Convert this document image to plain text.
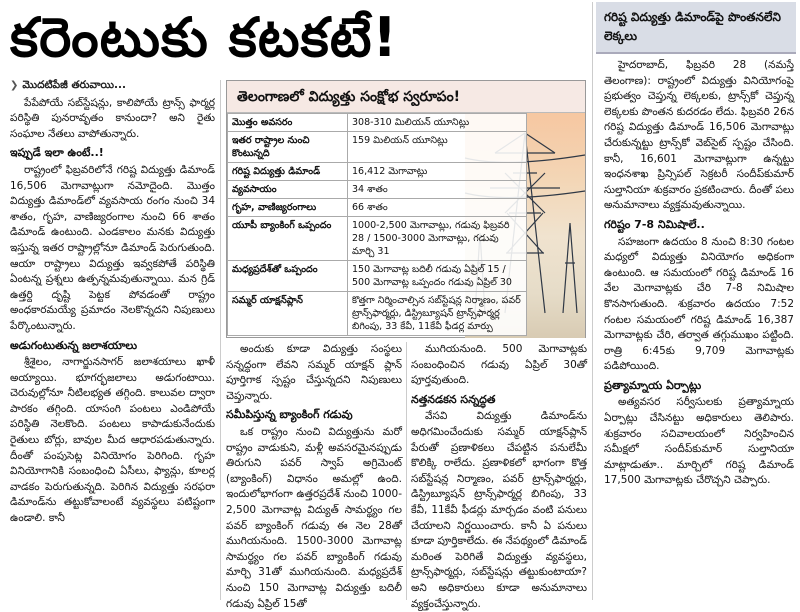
కరెంటుకు కటకటే!
❯ మొదటిపేజీ తరువాయి...

పేపేపోయే సబ్‌స్టేషన్లు, కాలిపోయే ట్రాన్స్ ఫార్మర్ల పరిస్థితి పునరావృతం కానుందా? అని రైతు సంఘాల నేతలు వాపోతున్నారు.

ఇప్పుడే ఇలా ఉంటే..!

రాష్ట్రంలో ఫిబ్రవరిలోనే గరిష్ట విద్యుత్తు డిమాండ్ 16,506 మెగావాట్లుగా నమోదైంది. మొత్తం విద్యుత్తు డిమాండ్‌లో వ్యవసాయ రంగం నుంచి 34 శాతం, గృహ, వాణిజ్యరంగాల నుంచి 66 శాతం డిమాండ్ ఉంటుంది. ఎండకాలం మనకు విద్యుత్తు ఇస్తున్న ఇతర రాష్ట్రాల్లోనూ డిమాండ్ పెరుగుతుంది. ఆయా రాష్ట్రాలు విద్యుత్తు ఇవ్వకపోతే పరిస్థితి ఏంటన్న ప్రశ్నలు ఉత్పన్నమవుతున్నాయి. మన గ్రిడ్ ఉత్తర్ది దృష్టి పెట్టక పోవడంతో రాష్ట్రం అంధకారమయ్యే ప్రమాదం నెలకొన్నదని నిపుణులు పేర్కొంటున్నారు.

అడుగంటుతున్న జలాశయాలు

శ్రీశైలం, నాగార్జునసాగర్ జలాశయాలు ఖాళీ అయ్యాయి. భూగర్భజలాలు అడుగంటాయి. చెరువుల్లోనూ నీటిలభ్యత తగ్గింది. కాలువల ద్వారా పారకం తగ్గింది. యాసంగి పంటలు ఎండిపోయే పరిస్థితి నెలకొంది. పంటలు కాపాడుకునేందుకు రైతులు బోర్లు, బావుల మీద ఆధారపడుతున్నారు. దీంతో పంపుసెట్ల వినియోగం పెరిగింది. గృహ వినియోగానికి సంబంధించి ఏసీలు, ఫ్యాన్లు, కూలర్ల వాడకం పెరుగుతున్నది. పెరిగిన విద్యుత్తు సరఫరా డిమాండ్‌ను తట్టుకోవాలంటే వ్యవస్థలు పటిష్టంగా ఉండాలి. కానీ

తెలంగాణలో విద్యుత్తు సంక్షోభ స్వరూపం!
మొత్తం అవసరం	308-310 మిలియన్ యూనిట్లు
ఇతర రాష్ట్రాల నుంచి కొంటున్నది	159 మిలియన్ యూనిట్లు
గరిష్ట విద్యుత్తు డిమాండ్	16,412 మెగావాట్లు
వ్యవసాయం	34 శాతం
గృహ, వాణిజ్యరంగాలు	66 శాతం
యూపీ బ్యాంకింగ్ ఒప్పందం	1000-2,500 మెగావాట్లు, గడువు ఫిబ్రవరి 28 / 1500-3000 మెగావాట్లు, గడువు మార్చి 31
మధ్యప్రదేశ్‌తో ఒప్పందం	150 మెగావాట్ల బదిలీ గడువు ఏప్రిల్ 15 / 500 మెగావాట్ల ఒప్పందం గడువు ఏప్రిల్ 30
సమ్మర్ యాక్షన్‌ప్లాన్	కొత్తగా నిర్మించాల్సిన సబ్‌స్టేషన్ల నిర్మాణం, పవర్ ట్రాన్స్‌ఫార్మర్లు, డిస్ట్రిబ్యూషన్ ట్రాన్స్‌ఫార్మర్ల బిగింపు, 33 కేవీ, 11కేవీ ఫీడర్ల మార్పు

అందుకు కూడా విద్యుత్తు సంస్థలు సన్నద్ధంగా లేవని సమ్మర్ యాక్షన్ ప్లాన్ పూర్తిగాక స్పష్టం చేస్తున్నదని నిపుణులు చెప్తున్నారు.

సమీపిస్తున్న బ్యాంకింగ్ గడువు

ఒక రాష్ట్రం నుంచి విద్యుత్తును మరో రాష్ట్రం వాడుకుని, మళ్లీ అవసరమైనప్పుడు తిరుగుని పవర్ స్వాప్ అగ్రిమెంట్ (బ్యాంకింగ్) విధానం అమల్లో ఉంది. ఇందులోభాగంగా ఉత్తరప్రదేశ్ నుంచి 1000-2,500 మెగావాట్ల విద్యుత్ సామర్థ్యం గల పవర్ బ్యాంకింగ్ గడువు ఈ నెల 28తో ముగియనుంది. 1500-3000 మెగావాట్ల సామర్థ్యం గల పవర్ బ్యాంకింగ్ గడువు మార్చి 31తో ముగియనుంది. మధ్యప్రదేశ్ నుంచి 150 మెగావాట్ల విద్యుత్తు బదిలీ గడువు ఏప్రిల్ 15తో

ముగియనుంది. 500 మెగావాట్లకు సంబంధించిన గడువు ఏప్రిల్ 30తో పూర్తవుతుంది.

నత్తనడకన సన్నద్ధత

వేసవి విద్యుత్తు డిమాండ్‌ను అధిగమించేందుకు సమ్మర్ యాక్షన్‌ప్లాన్ పేరుతో ప్రణాళికలు చేపట్టిన పనులేమీ కొలిక్కి రాలేదు. ప్రణాళికలో భాగంగా కొత్త సబ్‌స్టేషన్ల నిర్మాణం, పవర్ ట్రాన్స్‌ఫార్మర్లు, డిస్ట్రిబ్యూషన్ ట్రాన్స్‌ఫార్మర్ల బిగింపు, 33 కేవీ, 11కేవీ ఫీడర్లు మార్చడం వంటి పనులు చేయాలని నిర్ణయించారు. కానీ ఏ పనులు కూడా పూర్తికాలేదు. ఈ నేపథ్యంలో డిమాండ్ మరింత పెరిగితే విద్యుత్తు వ్యవస్థలు, ట్రాన్స్‌ఫార్మర్లు, సబ్‌స్టేషన్లు తట్టుకుంటాయా? అని అధికారులు కూడా అనుమానాలు వ్యక్తంచేస్తున్నారు.

గరిష్ట విద్యుత్తు డిమాండ్‌పై పొంతనలేని లెక్కలు

హైదరాబాద్, ఫిబ్రవరి 28 (నమస్తే తెలంగాణ): రాష్ట్రంలో విద్యుత్తు వినియోగంపై ప్రభుత్వం చెప్తున్న లెక్కలకు, ట్రాన్స్‌కో చెప్తున్న లెక్కలకు పొంతన కుదరడం లేదు. ఫిబ్రవరి 26న గరిష్ట విద్యుత్తు డిమాండ్ 16,506 మెగావాట్లు చేరుకున్నట్టు ట్రాన్స్‌కో వెబ్‌సైట్ స్పష్టం చేసింది. కానీ, 16,601 మెగావాట్లుగా ఉన్నట్టు ఇంధనశాఖ ప్రిన్సిపల్ సెక్రటరీ సందీప్‌కుమార్ సుల్తానియా శుక్రవారం ప్రకటించారు. దీంతో పలు అనుమానాలు వ్యక్తమవుతున్నాయి.

గరిష్టం 7-8 నిమిషాలే..

సహజంగా ఉదయం 8 నుంచి 8:30 గంటల మధ్యలో విద్యుత్తు వినియోగం అధికంగా ఉంటుంది. ఆ సమయంలో గరిష్ట డిమాండ్ 16 వేల మెగావాట్లకు చేరి 7-8 నిమిషాల కొనసాగుతుంది. శుక్రవారం ఉదయం 7:52 గంటల సమయంలో గరిష్ట డిమాండ్ 16,387 మెగావాట్లకు చేరి, తర్వాత తగ్గుముఖం పట్టింది. రాత్రి 6:45కు 9,709 మెగావాట్లకు పడిపోయింది.

ప్రత్యామ్నాయ ఏర్పాట్లు

అత్యవసర సర్వీసులకు ప్రత్యామ్నాయ ఏర్పాట్లు చేసినట్టు అధికారులు తెలిపారు. శుక్రవారం సచివాలయంలో నిర్వహించిన సమీక్షలో సందీప్‌కుమార్ సుల్తానియా మాట్లాడుతూ.. మార్చిలో గరిష్ట డిమాండ్ 17,500 మెగావాట్లకు చేరొచ్చని చెప్పారు.
